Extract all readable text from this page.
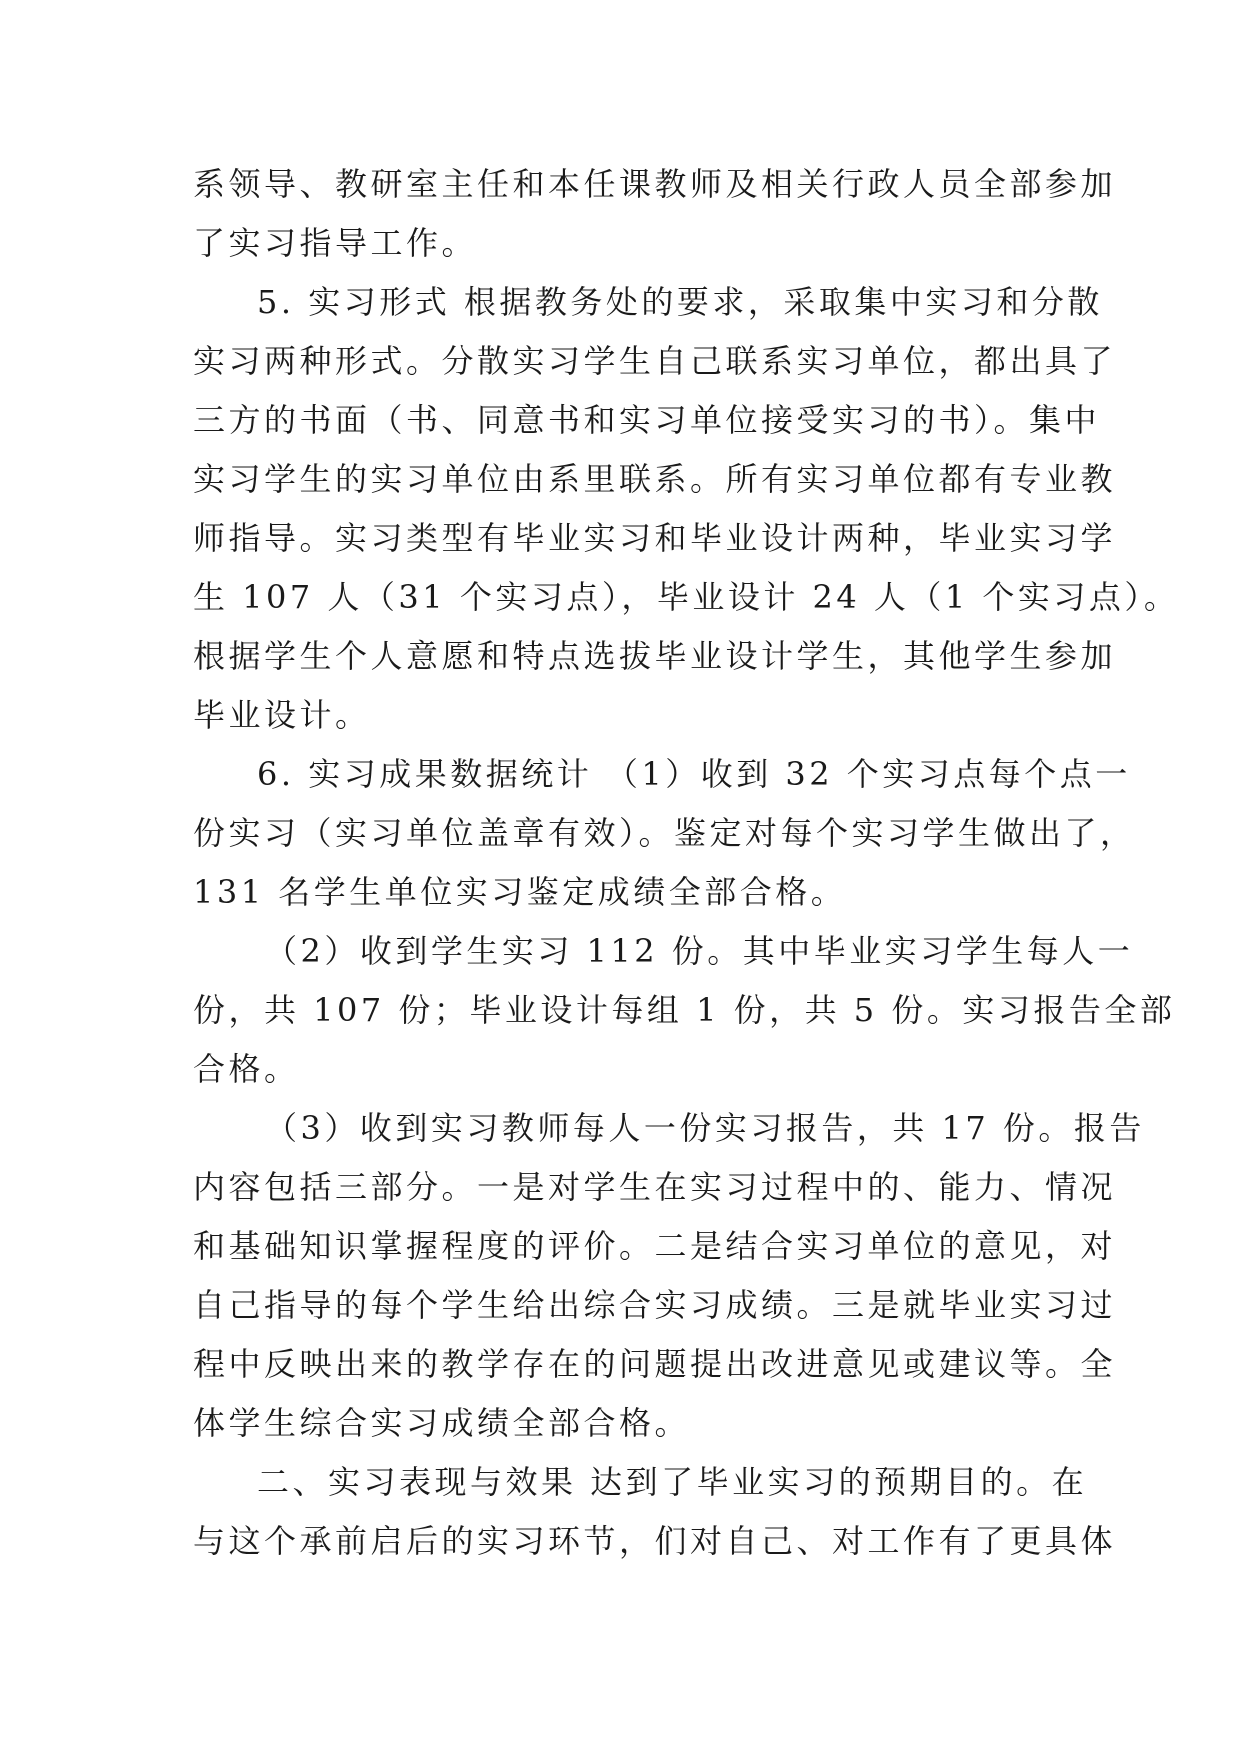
系领导、教研室主任和本任课教师及相关行政人员全部参加
了实习指导工作。
5. 实习形式 根据教务处的要求，采取集中实习和分散
实习两种形式。分散实习学生自己联系实习单位，都出具了
三方的书面（书、同意书和实习单位接受实习的书）。集中
实习学生的实习单位由系里联系。所有实习单位都有专业教
师指导。实习类型有毕业实习和毕业设计两种，毕业实习学
生 107 人（31 个实习点），毕业设计 24 人（1 个实习点）。
根据学生个人意愿和特点选拔毕业设计学生，其他学生参加
毕业设计。
6. 实习成果数据统计 （1）收到 32 个实习点每个点一
份实习（实习单位盖章有效）。鉴定对每个实习学生做出了，
131 名学生单位实习鉴定成绩全部合格。
（2）收到学生实习 112 份。其中毕业实习学生每人一
份，共 107 份；毕业设计每组 1 份，共 5 份。实习报告全部
合格。
（3）收到实习教师每人一份实习报告，共 17 份。报告
内容包括三部分。一是对学生在实习过程中的、能力、情况
和基础知识掌握程度的评价。二是结合实习单位的意见，对
自己指导的每个学生给出综合实习成绩。三是就毕业实习过
程中反映出来的教学存在的问题提出改进意见或建议等。全
体学生综合实习成绩全部合格。
二、实习表现与效果 达到了毕业实习的预期目的。在
与这个承前启后的实习环节，们对自己、对工作有了更具体
